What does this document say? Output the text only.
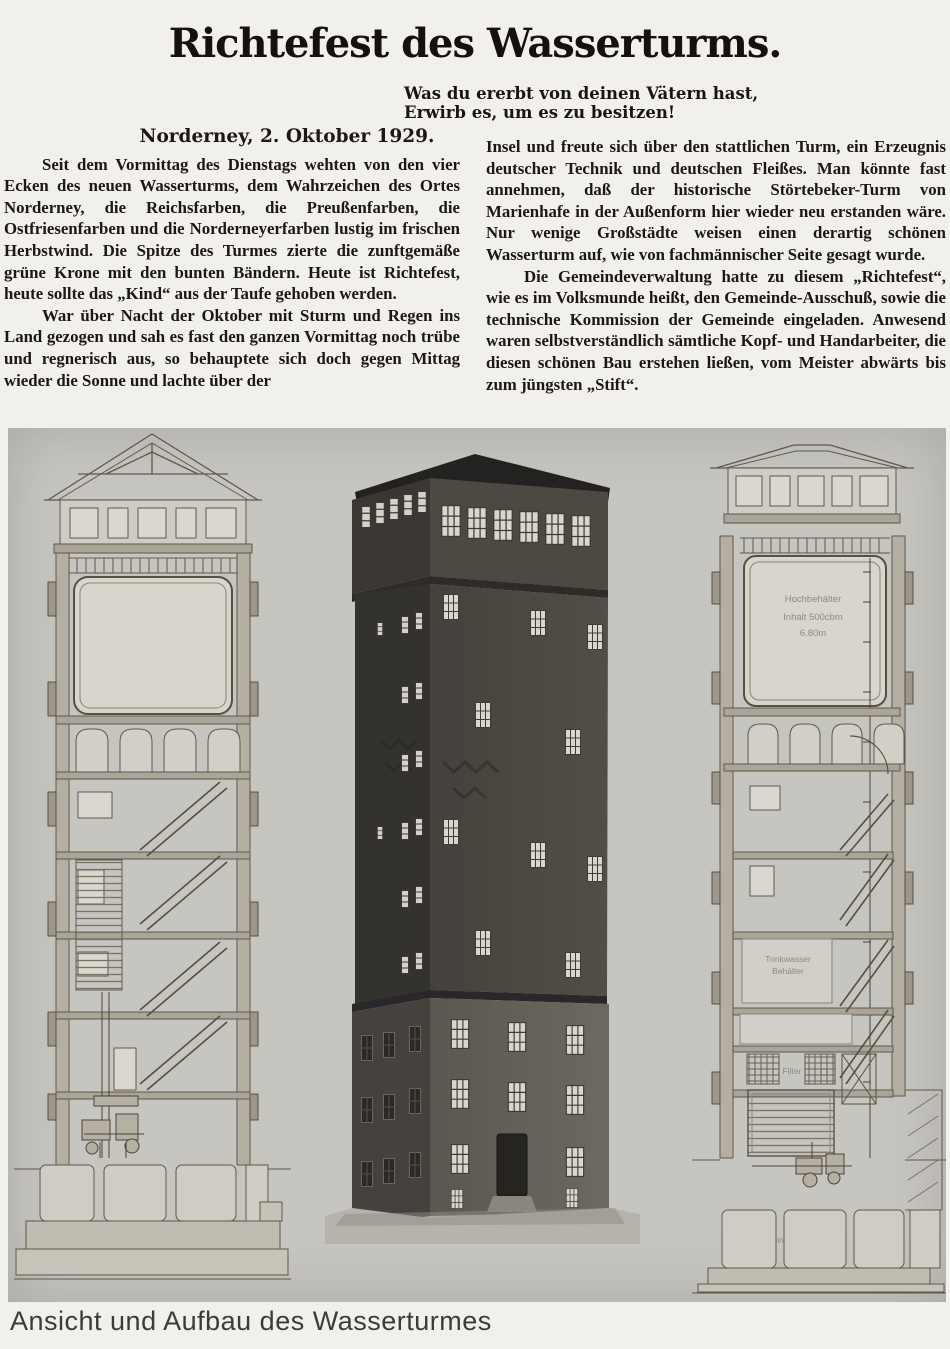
Richtefest des Wasserturms.
Was du ererbt von deinen Vätern hast,
Erwirb es, um es zu besitzen!
Norderney, 2. Oktober 1929.

Seit dem Vormittag des Dienstags wehten von den vier Ecken des neuen Wasserturms, dem Wahrzeichen des Ortes Norderney, die Reichsfarben, die Preußenfarben, die Ostfriesenfarben und die Norderneyerfarben lustig im frischen Herbstwind. Die Spitze des Turmes zierte die zunftgemäße grüne Krone mit den bunten Bändern. Heute ist Richtefest, heute sollte das „Kind“ aus der Taufe gehoben werden.

War über Nacht der Oktober mit Sturm und Regen ins Land gezogen und sah es fast den ganzen Vormittag noch trübe und regnerisch aus, so behauptete sich doch gegen Mittag wieder die Sonne und lachte über der

Insel und freute sich über den stattlichen Turm, ein Erzeugnis deutscher Technik und deutschen Fleißes. Man könnte fast annehmen, daß der historische Störtebeker-Turm von Marienhafe in der Außenform hier wieder neu erstanden wäre. Nur wenige Großstädte weisen einen derartig schönen Wasserturm auf, wie von fachmännischer Seite gesagt wurde.

Die Gemeindeverwaltung hatte zu diesem „Richtefest“, wie es im Volksmunde heißt, den Gemeinde-Ausschuß, sowie die technische Kommission der Gemeinde eingeladen. Anwesend waren selbstverständlich sämtliche Kopf- und Handarbeiter, die diesen schönen Bau erstehen ließen, vom Meister abwärts bis zum jüngsten „Stift“.

Hochbehälter
Inhalt 500cbm
6.80m
Trinkwasser
Behälter
Filter
Ansicht und Aufbau des Wasserturmes
